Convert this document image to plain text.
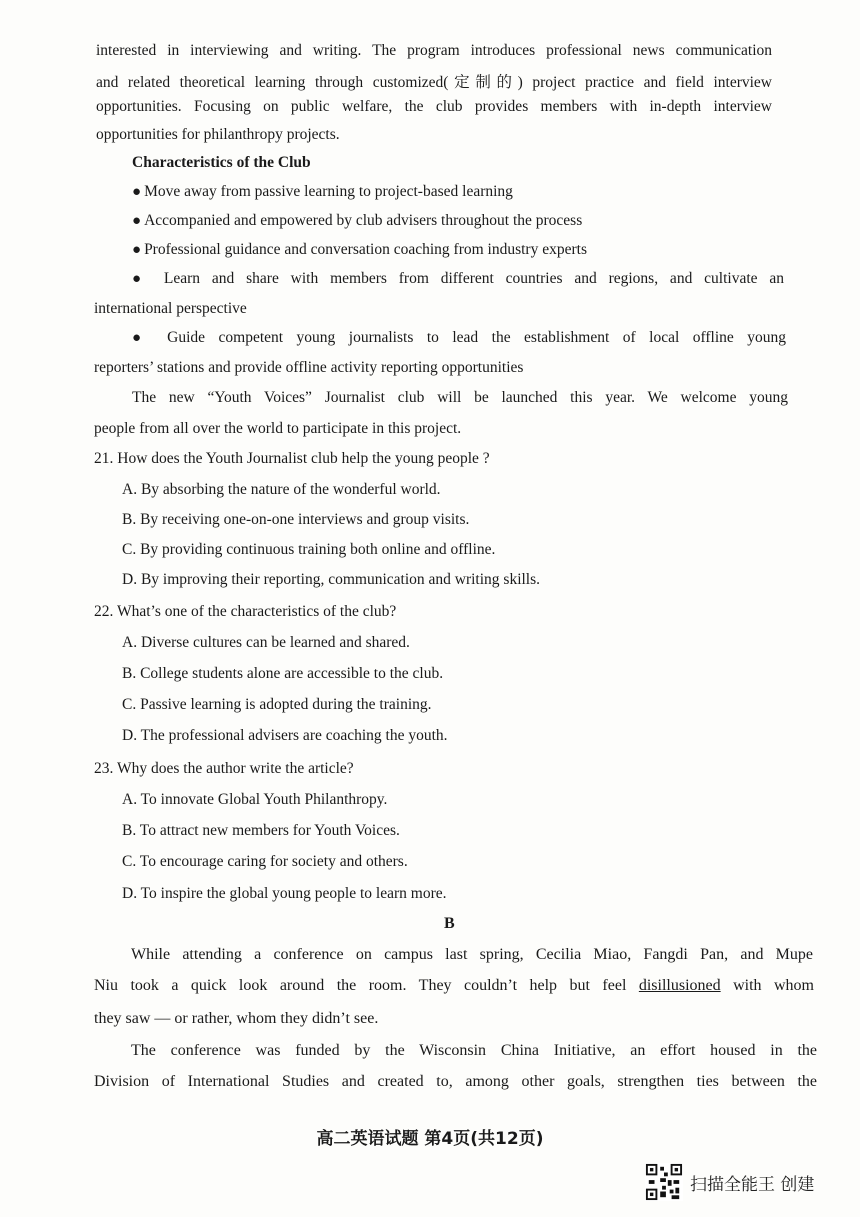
interested in interviewing and writing. The program introduces professional news communication
and related theoretical learning through customized(定制的) project practice and field interview
opportunities. Focusing on public welfare, the club provides members with in-depth interview
opportunities for philanthropy projects.
Characteristics of the Club
● Move away from passive learning to project-based learning
● Accompanied and empowered by club advisers throughout the process
● Professional guidance and conversation coaching from industry experts
● Learn and share with members from different countries and regions, and cultivate an
international perspective
● Guide competent young journalists to lead the establishment of local offline young
reporters’ stations and provide offline activity reporting opportunities
The new “Youth Voices” Journalist club will be launched this year. We welcome young
people from all over the world to participate in this project.
21. How does the Youth Journalist club help the young people ?
A. By absorbing the nature of the wonderful world.
B. By receiving one-on-one interviews and group visits.
C. By providing continuous training both online and offline.
D. By improving their reporting, communication and writing skills.
22. What’s one of the characteristics of the club?
A. Diverse cultures can be learned and shared.
B. College students alone are accessible to the club.
C. Passive learning is adopted during the training.
D. The professional advisers are coaching the youth.
23. Why does the author write the article?
A. To innovate Global Youth Philanthropy.
B. To attract new members for Youth Voices.
C. To encourage caring for society and others.
D. To inspire the global young people to learn more.
B
While attending a conference on campus last spring, Cecilia Miao, Fangdi Pan, and Mupe
Niu took a quick look around the room. They couldn’t help but feel disillusioned with whom
they saw — or rather, whom they didn’t see.
The conference was funded by the Wisconsin China Initiative, an effort housed in the
Division of International Studies and created to, among other goals, strengthen ties between the
高二英语试题 第4页(共12页)
扫描全能王 创建
